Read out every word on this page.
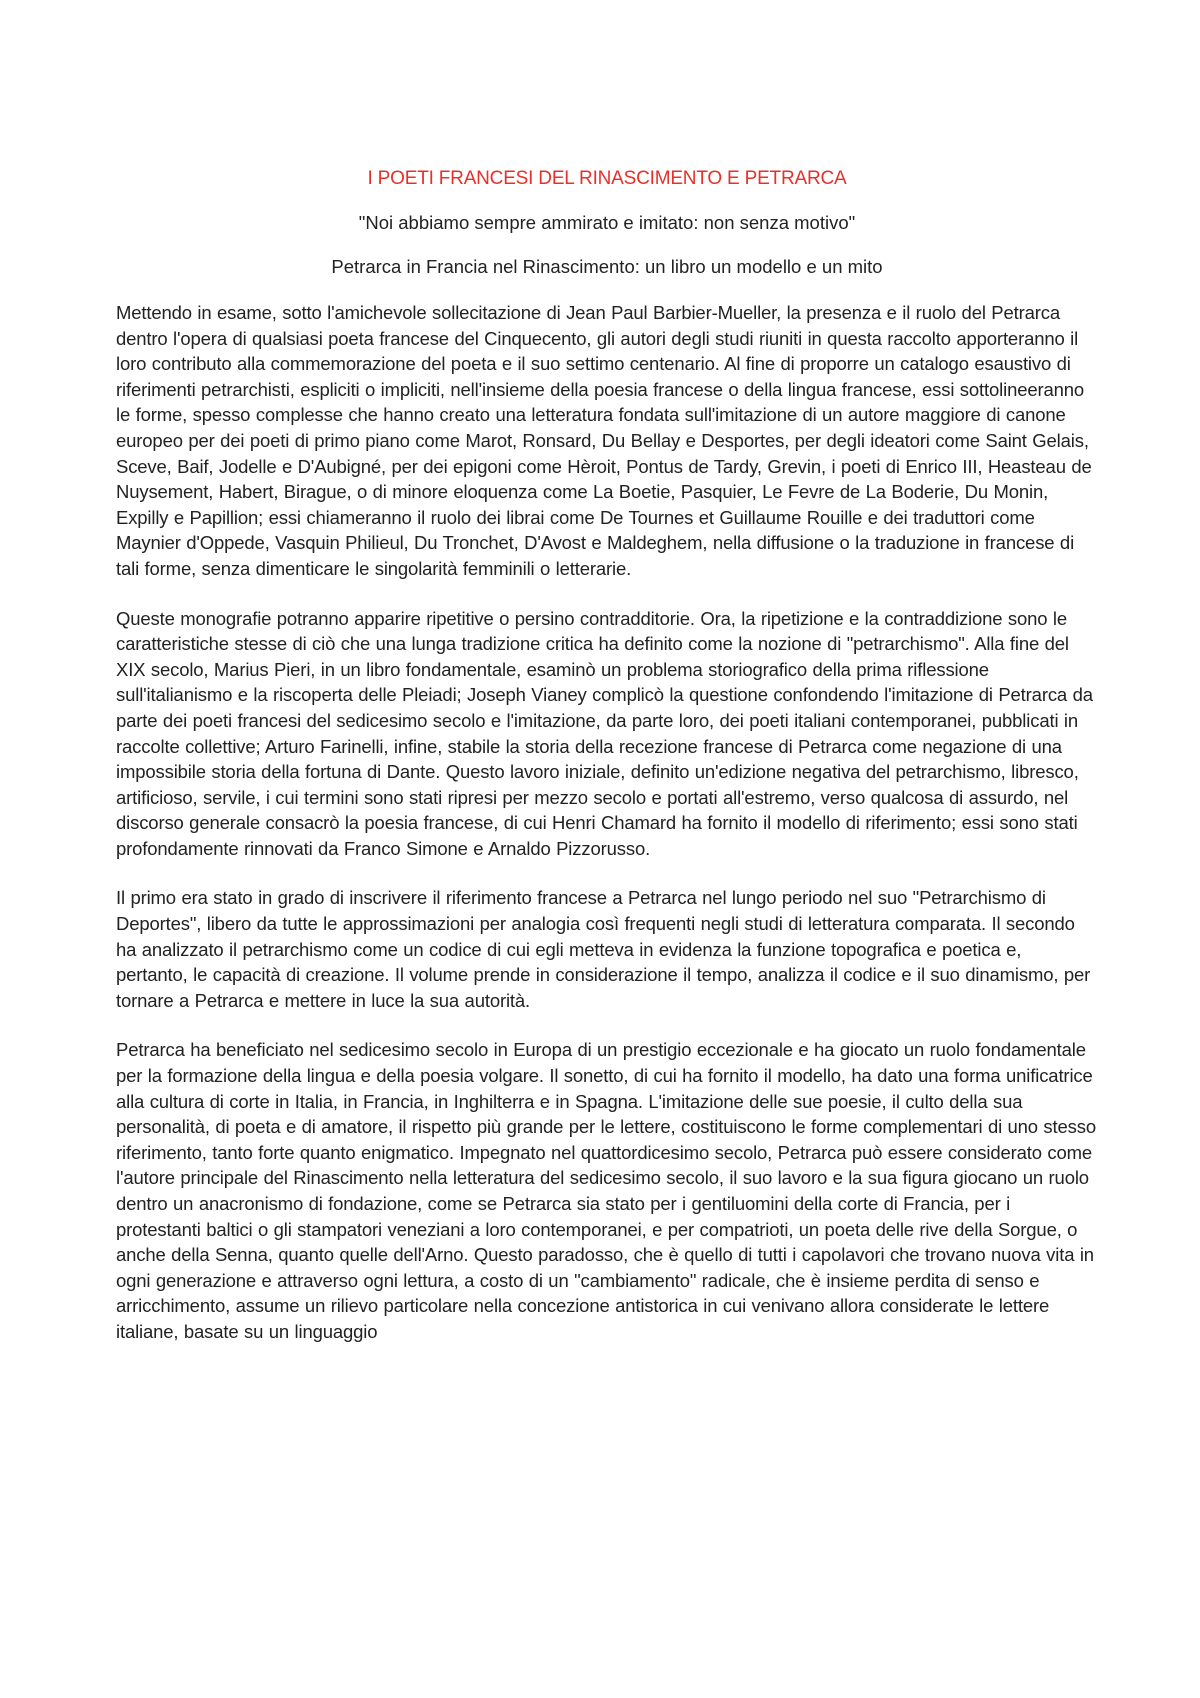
I POETI FRANCESI DEL RINASCIMENTO E PETRARCA

"Noi abbiamo sempre ammirato e imitato: non senza motivo"

Petrarca in Francia nel Rinascimento: un libro un modello e un mito

Mettendo in esame, sotto l'amichevole sollecitazione di Jean Paul Barbier-Mueller, la presenza e il ruolo del Petrarca dentro l'opera di qualsiasi poeta francese del Cinquecento, gli autori degli studi riuniti in questa raccolto apporteranno il loro contributo alla commemorazione del poeta e il suo settimo centenario. Al fine di proporre un catalogo esaustivo di riferimenti petrarchisti, espliciti o impliciti, nell'insieme della poesia francese o della lingua francese, essi sottolineeranno le forme, spesso complesse che hanno creato una letteratura fondata sull'imitazione di un autore maggiore di canone europeo per dei poeti di primo piano come Marot, Ronsard, Du Bellay e Desportes, per degli ideatori come Saint Gelais, Sceve, Baif, Jodelle e D'Aubigné, per dei epigoni come Hèroit, Pontus de Tardy, Grevin, i poeti di Enrico III, Heasteau de Nuysement, Habert, Birague, o di minore eloquenza come La Boetie, Pasquier, Le Fevre de La Boderie, Du Monin, Expilly e Papillion; essi chiameranno il ruolo dei librai come De Tournes et Guillaume Rouille e dei traduttori come Maynier d'Oppede, Vasquin Philieul, Du Tronchet, D'Avost e Maldeghem, nella diffusione o la traduzione in francese di tali forme, senza dimenticare le singolarità femminili o letterarie.

Queste monografie potranno apparire ripetitive o persino contradditorie. Ora, la ripetizione e la contraddizione sono le caratteristiche stesse di ciò che una lunga tradizione critica ha definito come la nozione di "petrarchismo". Alla fine del XIX secolo, Marius Pieri, in un libro fondamentale, esaminò un problema storiografico della prima riflessione sull'italianismo e la riscoperta delle Pleiadi; Joseph Vianey complicò la questione confondendo l'imitazione di Petrarca da parte dei poeti francesi del sedicesimo secolo e l'imitazione, da parte loro, dei poeti italiani contemporanei, pubblicati in raccolte collettive; Arturo Farinelli, infine, stabile la storia della recezione francese di Petrarca come negazione di una impossibile storia della fortuna di Dante. Questo lavoro iniziale, definito un'edizione negativa del petrarchismo, libresco, artificioso, servile, i cui termini sono stati ripresi per mezzo secolo e portati all'estremo, verso qualcosa di assurdo, nel discorso generale consacrò la poesia francese, di cui Henri Chamard ha fornito il modello di riferimento; essi sono stati profondamente rinnovati da Franco Simone e Arnaldo Pizzorusso.

Il primo era stato in grado di inscrivere il riferimento francese a Petrarca nel lungo periodo nel suo "Petrarchismo di Deportes", libero da tutte le approssimazioni per analogia così frequenti negli studi di letteratura comparata. Il secondo ha analizzato il petrarchismo come un codice di cui egli metteva in evidenza la funzione topografica e poetica e, pertanto, le capacità di creazione. Il volume prende in considerazione il tempo, analizza il codice e il suo dinamismo, per tornare a Petrarca e mettere in luce la sua autorità.

Petrarca ha beneficiato nel sedicesimo secolo in Europa di un prestigio eccezionale e ha giocato un ruolo fondamentale per la formazione della lingua e della poesia volgare. Il sonetto, di cui ha fornito il modello, ha dato una forma unificatrice alla cultura di corte in Italia, in Francia, in Inghilterra e in Spagna. L'imitazione delle sue poesie, il culto della sua personalità, di poeta e di amatore, il rispetto più grande per le lettere, costituiscono le forme complementari di uno stesso riferimento, tanto forte quanto enigmatico. Impegnato nel quattordicesimo secolo, Petrarca può essere considerato come l'autore principale del Rinascimento nella letteratura del sedicesimo secolo, il suo lavoro e la sua figura giocano un ruolo dentro un anacronismo di fondazione, come se Petrarca sia stato per i gentiluomini della corte di Francia, per i protestanti baltici o gli stampatori veneziani a loro contemporanei, e per compatrioti, un poeta delle rive della Sorgue, o anche della Senna, quanto quelle dell'Arno. Questo paradosso, che è quello di tutti i capolavori che trovano nuova vita in ogni generazione e attraverso ogni lettura, a costo di un "cambiamento" radicale, che è insieme perdita di senso e arricchimento, assume un rilievo particolare nella concezione antistorica in cui venivano allora considerate le lettere italiane, basate su un linguaggio
